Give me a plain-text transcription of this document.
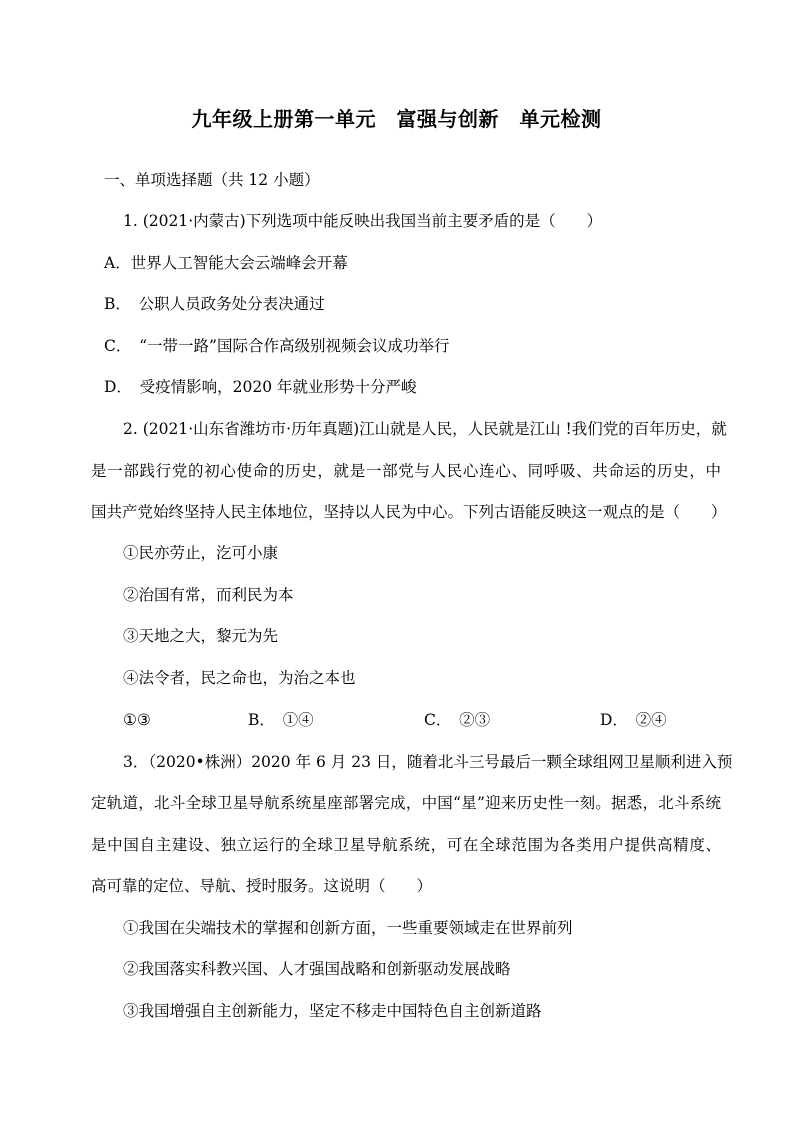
九年级上册第一单元　富强与创新　单元检测
一、单项选择题（共 12 小题）
1. (2021·内蒙古)下列选项中能反映出我国当前主要矛盾的是（　　）
A．世界人工智能大会云端峰会开幕
B．　公职人员政务处分表决通过
C．　“一带一路”国际合作高级别视频会议成功举行
D．　受疫情影响，2020 年就业形势十分严峻
2. (2021·山东省潍坊市·历年真题)江山就是人民，人民就是江山 !我们党的百年历史，就
是一部践行党的初心使命的历史，就是一部党与人民心连心、同呼吸、共命运的历史，中
国共产党始终坚持人民主体地位，坚持以人民为中心。下列古语能反映这一观点的是（　　）
①民亦劳止，汔可小康
②治国有常，而利民为本
③天地之大，黎元为先
④法令者，民之命也，为治之本也
①③	B．　①④	C．　②③	D．　②④
3．（2020•株洲）2020 年 6 月 23 日，随着北斗三号最后一颗全球组网卫星顺利进入预
定轨道，北斗全球卫星导航系统星座部署完成，中国“星”迎来历史性一刻。据悉，北斗系统
是中国自主建设、独立运行的全球卫星导航系统，可在全球范围为各类用户提供高精度、
高可靠的定位、导航、授时服务。这说明（　　）
①我国在尖端技术的掌握和创新方面，一些重要领域走在世界前列
②我国落实科教兴国、人才强国战略和创新驱动发展战略
③我国增强自主创新能力，坚定不移走中国特色自主创新道路
